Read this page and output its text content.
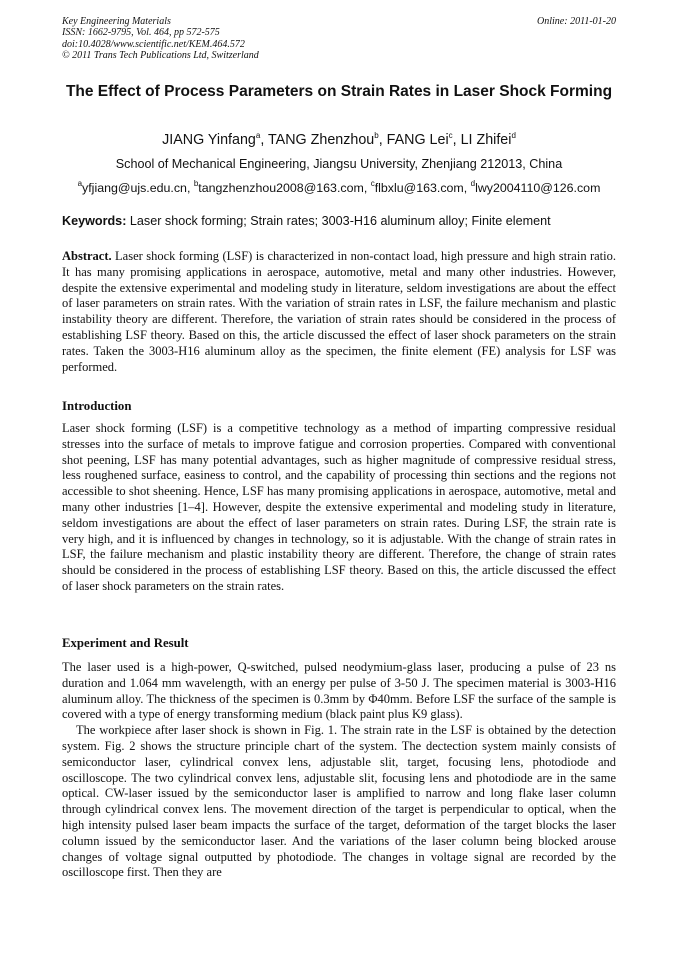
Key Engineering Materials
ISSN: 1662-9795, Vol. 464, pp 572-575
doi:10.4028/www.scientific.net/KEM.464.572
© 2011 Trans Tech Publications Ltd, Switzerland
Online: 2011-01-20
The Effect of Process Parameters on Strain Rates in Laser Shock Forming
JIANG Yinfang$^a$, TANG Zhenzhou$^b$, FANG Lei$^c$, LI Zhifei$^d$
School of Mechanical Engineering, Jiangsu University, Zhenjiang 212013, China
$^a$yfjiang@ujs.edu.cn, $^b$tangzhenzhou2008@163.com, $^c$flbxlu@163.com, $^d$lwy2004110@126.com
Keywords: Laser shock forming; Strain rates; 3003-H16 aluminum alloy; Finite element

Abstract. Laser shock forming (LSF) is characterized in non-contact load, high pressure and high strain ratio. It has many promising applications in aerospace, automotive, metal and many other industries. However, despite the extensive experimental and modeling study in literature, seldom investigations are about the effect of laser parameters on strain rates. With the variation of strain rates in LSF, the failure mechanism and plastic instability theory are different. Therefore, the variation of strain rates should be considered in the process of establishing LSF theory. Based on this, the article discussed the effect of laser shock parameters on the strain rates. Taken the 3003-H16 aluminum alloy as the specimen, the finite element (FE) analysis for LSF was performed.

Introduction

Laser shock forming (LSF) is a competitive technology as a method of imparting compressive residual stresses into the surface of metals to improve fatigue and corrosion properties. Compared with conventional shot peening, LSF has many potential advantages, such as higher magnitude of compressive residual stress, less roughened surface, easiness to control, and the capability of processing thin sections and the regions not accessible to shot sheening. Hence, LSF has many promising applications in aerospace, automotive, metal and many other industries [1–4]. However, despite the extensive experimental and modeling study in literature, seldom investigations are about the effect of laser parameters on strain rates. During LSF, the strain rate is very high, and it is influenced by changes in technology, so it is adjustable. With the change of strain rates in LSF, the failure mechanism and plastic instability theory are different. Therefore, the change of strain rates should be considered in the process of establishing LSF theory. Based on this, the article discussed the effect of laser shock parameters on the strain rates.

Experiment and Result

The laser used is a high-power, Q-switched, pulsed neodymium-glass laser, producing a pulse of 23 ns duration and 1.064 mm wavelength, with an energy per pulse of 3-50 J. The specimen material is 3003-H16 aluminum alloy. The thickness of the specimen is 0.3mm by Φ40mm. Before LSF the surface of the sample is covered with a type of energy transforming medium (black paint plus K9 glass).

The workpiece after laser shock is shown in Fig. 1. The strain rate in the LSF is obtained by the detection system. Fig. 2 shows the structure principle chart of the system. The dectection system mainly consists of semiconductor laser, cylindrical convex lens, adjustable slit, target, focusing lens, photodiode and oscilloscope. The two cylindrical convex lens, adjustable slit, focusing lens and photodiode are in the same optical. CW-laser issued by the semiconductor laser is amplified to narrow and long flake laser column through cylindrical convex lens. The movement direction of the target is perpendicular to optical, when the high intensity pulsed laser beam impacts the surface of the target, deformation of the target blocks the laser column issued by the semiconductor laser. And the variations of the laser column being blocked arouse changes of voltage signal outputted by photodiode. The changes in voltage signal are recorded by the oscilloscope first. Then they are
